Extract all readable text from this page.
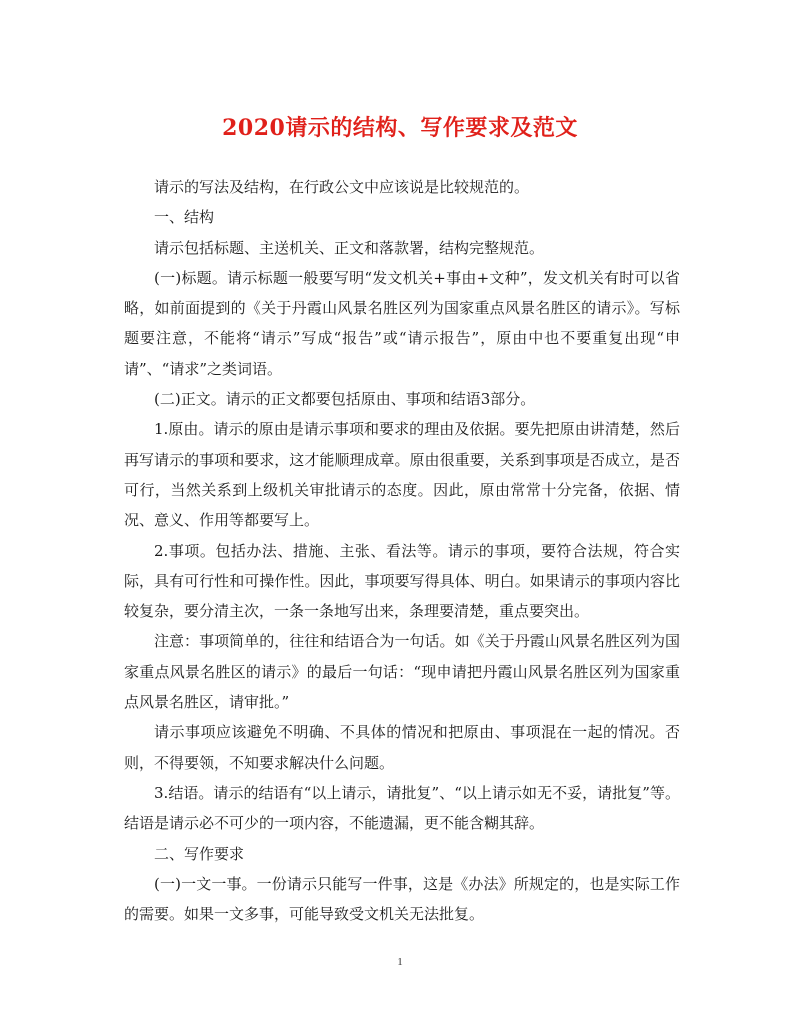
2020请示的结构、写作要求及范文

请示的写法及结构，在行政公文中应该说是比较规范的。

一、结构

请示包括标题、主送机关、正文和落款署，结构完整规范。

(一)标题。请示标题一般要写明“发文机关+事由+文种”，发文机关有时可以省略，如前面提到的《关于丹霞山风景名胜区列为国家重点风景名胜区的请示》。写标题要注意，不能将“请示”写成“报告”或“请示报告”，原由中也不要重复出现“申请”、“请求”之类词语。

(二)正文。请示的正文都要包括原由、事项和结语3部分。

1.原由。请示的原由是请示事项和要求的理由及依据。要先把原由讲清楚，然后再写请示的事项和要求，这才能顺理成章。原由很重要，关系到事项是否成立，是否可行，当然关系到上级机关审批请示的态度。因此，原由常常十分完备，依据、情况、意义、作用等都要写上。

2.事项。包括办法、措施、主张、看法等。请示的事项，要符合法规，符合实际，具有可行性和可操作性。因此，事项要写得具体、明白。如果请示的事项内容比较复杂，要分清主次，一条一条地写出来，条理要清楚，重点要突出。

注意：事项简单的，往往和结语合为一句话。如《关于丹霞山风景名胜区列为国家重点风景名胜区的请示》的最后一句话：“现申请把丹霞山风景名胜区列为国家重点风景名胜区，请审批。”

请示事项应该避免不明确、不具体的情况和把原由、事项混在一起的情况。否则，不得要领，不知要求解决什么问题。

3.结语。请示的结语有“以上请示，请批复”、“以上请示如无不妥，请批复”等。结语是请示必不可少的一项内容，不能遗漏，更不能含糊其辞。

二、写作要求

(一)一文一事。一份请示只能写一件事，这是《办法》所规定的，也是实际工作的需要。如果一文多事，可能导致受文机关无法批复。

1
